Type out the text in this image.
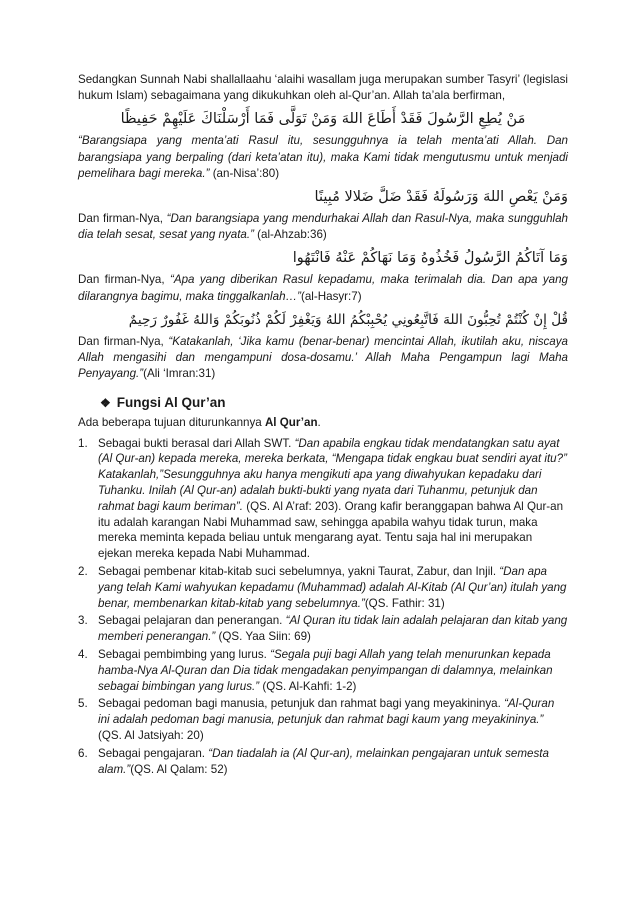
Sedangkan Sunnah Nabi shallallaahu ‘alaihi wasallam juga merupakan sumber Tasyri’ (legislasi hukum Islam) sebagaimana yang dikukuhkan oleh al-Qur’an. Allah ta’ala berfirman,

مَنْ يُطِعِ الرَّسُولَ فَقَدْ أَطَاعَ اللهَ وَمَنْ تَوَلَّى فَمَا أَرْسَلْنَاكَ عَلَيْهِمْ حَفِيظًا

“Barangsiapa yang menta’ati Rasul itu, sesungguhnya ia telah menta’ati Allah. Dan barangsiapa yang berpaling (dari keta’atan itu), maka Kami tidak mengutusmu untuk menjadi pemelihara bagi mereka.” (an-Nisa’:80)

وَمَنْ يَعْصِ اللهَ وَرَسُولَهُ فَقَدْ ضَلَّ ضَلالا مُبِينًا

Dan firman-Nya, “Dan barangsiapa yang mendurhakai Allah dan Rasul-Nya, maka sungguhlah dia telah sesat, sesat yang nyata.” (al-Ahzab:36)

وَمَا آتَاكُمُ الرَّسُولُ فَخُذُوهُ وَمَا نَهَاكُمْ عَنْهُ فَانْتَهُوا

Dan firman-Nya, “Apa yang diberikan Rasul kepadamu, maka terimalah dia. Dan apa yang dilarangnya bagimu, maka tinggalkanlah…”(al-Hasyr:7)

قُلْ إِنْ كُنْتُمْ تُحِبُّونَ اللهَ فَاتَّبِعُونِي يُحْبِبْكُمُ اللهُ وَيَغْفِرْ لَكُمْ ذُنُوبَكُمْ وَاللهُ غَفُورٌ رَحِيمٌ

Dan firman-Nya, “Katakanlah, ‘Jika kamu (benar-benar) mencintai Allah, ikutilah aku, niscaya Allah mengasihi dan mengampuni dosa-dosamu.’ Allah Maha Pengampun lagi Maha Penyayang.”(Ali ‘Imran:31)

❖ Fungsi Al Qur’an

Ada beberapa tujuan diturunkannya Al Qur’an.

1. Sebagai bukti berasal dari Allah SWT. “Dan apabila engkau tidak mendatangkan satu ayat (Al Qur-an) kepada mereka, mereka berkata, “Mengapa tidak engkau buat sendiri ayat itu?” Katakanlah,”Sesungguhnya aku hanya mengikuti apa yang diwahyukan kepadaku dari Tuhanku. Inilah (Al Qur-an) adalah bukti-bukti yang nyata dari Tuhanmu, petunjuk dan rahmat bagi kaum beriman”. (QS. Al A’raf: 203). Orang kafir beranggapan bahwa Al Qur-an itu adalah karangan Nabi Muhammad saw, sehingga apabila wahyu tidak turun, maka mereka meminta kepada beliau untuk mengarang ayat. Tentu saja hal ini merupakan ejekan mereka kepada Nabi Muhammad.
2. Sebagai pembenar kitab-kitab suci sebelumnya, yakni Taurat, Zabur, dan Injil. “Dan apa yang telah Kami wahyukan kepadamu (Muhammad) adalah Al-Kitab (Al Qur’an) itulah yang benar, membenarkan kitab-kitab yang sebelumnya.”(QS. Fathir: 31)
3. Sebagai pelajaran dan penerangan. “Al Quran itu tidak lain adalah pelajaran dan kitab yang memberi penerangan.” (QS. Yaa Siin: 69)
4. Sebagai pembimbing yang lurus. “Segala puji bagi Allah yang telah menurunkan kepada hamba-Nya Al-Quran dan Dia tidak mengadakan penyimpangan di dalamnya, melainkan sebagai bimbingan yang lurus.” (QS. Al-Kahfi: 1-2)
5. Sebagai pedoman bagi manusia, petunjuk dan rahmat bagi yang meyakininya. “Al-Quran ini adalah pedoman bagi manusia, petunjuk dan rahmat bagi kaum yang meyakininya.” (QS. Al Jatsiyah: 20)
6. Sebagai pengajaran. “Dan tiadalah ia (Al Qur-an), melainkan pengajaran untuk semesta alam.”(QS. Al Qalam: 52)
